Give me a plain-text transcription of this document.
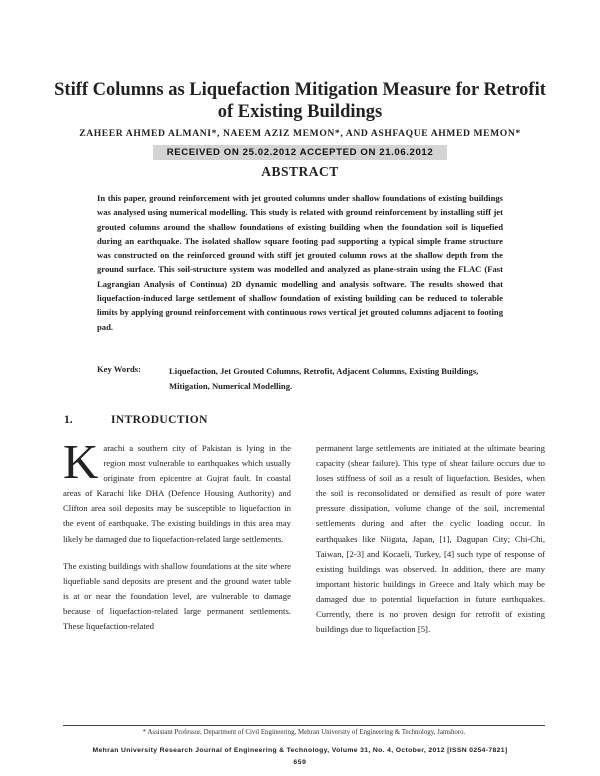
Stiff Columns as Liquefaction Mitigation Measure for Retrofit
of Existing Buildings
ZAHEER AHMED ALMANI*, NAEEM AZIZ MEMON*, AND ASHFAQUE AHMED MEMON*
RECEIVED ON 25.02.2012 ACCEPTED ON 21.06.2012
ABSTRACT
In this paper, ground reinforcement with jet grouted columns under shallow foundations of existing buildings was analysed using numerical modelling. This study is related with ground reinforcement by installing stiff jet grouted columns around the shallow foundations of existing building when the foundation soil is liquefied during an earthquake. The isolated shallow square footing pad supporting a typical simple frame structure was constructed on the reinforced ground with stiff jet grouted column rows at the shallow depth from the ground surface. This soil-structure system was modelled and analyzed as plane-strain using the FLAC (Fast Lagrangian Analysis of Continua) 2D dynamic modelling and analysis software. The results showed that liquefaction-induced large settlement of shallow foundation of existing building can be reduced to tolerable limits by applying ground reinforcement with continuous rows vertical jet grouted columns adjacent to footing pad.
Key Words:	Liquefaction, Jet Grouted Columns, Retrofit, Adjacent Columns, Existing Buildings, Mitigation, Numerical Modelling.
1.	INTRODUCTION

Karachi a southern city of Pakistan is lying in the region most vulnerable to earthquakes which usually originate from epicentre at Gujrat fault. In coastal areas of Karachi like DHA (Defence Housing Authority) and Clifton area soil deposits may be susceptible to liquefaction in the event of earthquake. The existing buildings in this area may likely be damaged due to liquefaction-related large settlements.

The existing buildings with shallow foundations at the site where liquefiable sand deposits are present and the ground water table is at or near the foundation level, are vulnerable to damage because of liquefaction-related large permanent settlements. These liquefaction-related

permanent large settlements are initiated at the ultimate bearing capacity (shear failure). This type of shear failure occurs due to loses stiffness of soil as a result of liquefaction. Besides, when the soil is reconsolidated or densified as result of pore water pressure dissipation, volume change of the soil, incremental settlements during and after the cyclic loading occur. In earthquakes like Niigata, Japan, [1], Dagupan City; Chi-Chi, Taiwan, [2-3] and Kocaeli, Turkey, [4] such type of response of existing buildings was observed. In addition, there are many important historic buildings in Greece and Italy which may be damaged due to potential liquefaction in future earthquakes. Currently, there is no proven design for retrofit of existing buildings due to liquefaction [5].

* Assistant Professor, Department of Civil Engineering, Mehran University of Engineering & Technology, Jamshoro.
Mehran University Research Journal of Engineering & Technology, Volume 31, No. 4, October, 2012 [ISSN 0254-7821]
659
